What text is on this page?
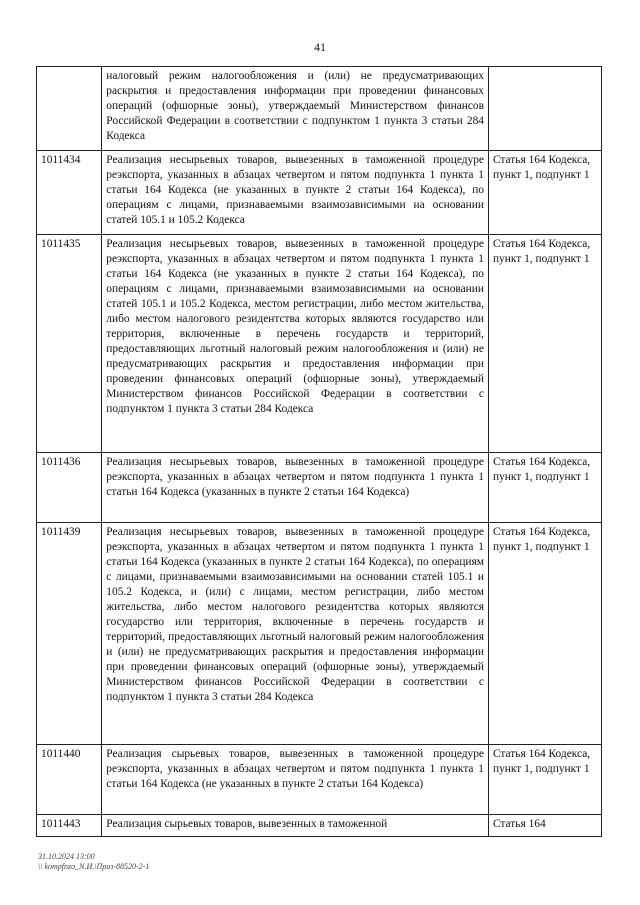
41
	налоговый режим налогообложения и (или) не предусматривающих раскрытия и предоставления информации при проведении финансовых операций (офшорные зоны), утверждаемый Министерством финансов Российской Федерации в соответствии с подпунктом 1 пункта 3 статьи 284 Кодекса	
1011434	Реализация несырьевых товаров, вывезенных в таможенной процедуре реэкспорта, указанных в абзацах четвертом и пятом подпункта 1 пункта 1 статьи 164 Кодекса (не указанных в пункте 2 статьи 164 Кодекса), по операциям с лицами, признаваемыми взаимозависимыми на основании статей 105.1 и 105.2 Кодекса	Статья 164 Кодекса, пункт 1, подпункт 1
1011435	Реализация несырьевых товаров, вывезенных в таможенной процедуре реэкспорта, указанных в абзацах четвертом и пятом подпункта 1 пункта 1 статьи 164 Кодекса (не указанных в пункте 2 статьи 164 Кодекса), по операциям с лицами, признаваемыми взаимозависимыми на основании статей 105.1 и 105.2 Кодекса, местом регистрации, либо местом жительства, либо местом налогового резидентства которых являются государство или территория, включенные в перечень государств и территорий, предоставляющих льготный налоговый режим налогообложения и (или) не предусматривающих раскрытия и предоставления информации при проведении финансовых операций (офшорные зоны), утверждаемый Министерством финансов Российской Федерации в соответствии с подпунктом 1 пункта 3 статьи 284 Кодекса	Статья 164 Кодекса, пункт 1, подпункт 1
1011436	Реализация несырьевых товаров, вывезенных в таможенной процедуре реэкспорта, указанных в абзацах четвертом и пятом подпункта 1 пункта 1 статьи 164 Кодекса (указанных в пункте 2 статьи 164 Кодекса)	Статья 164 Кодекса, пункт 1, подпункт 1
1011439	Реализация несырьевых товаров, вывезенных в таможенной процедуре реэкспорта, указанных в абзацах четвертом и пятом подпункта 1 пункта 1 статьи 164 Кодекса (указанных в пункте 2 статьи 164 Кодекса), по операциям с лицами, признаваемыми взаимозависимыми на основании статей 105.1 и 105.2 Кодекса, и (или) с лицами, местом регистрации, либо местом жительства, либо местом налогового резидентства которых являются государство или территория, включенные в перечень государств и территорий, предоставляющих льготный налоговый режим налогообложения и (или) не предусматривающих раскрытия и предоставления информации при проведении финансовых операций (офшорные зоны), утверждаемый Министерством финансов Российской Федерации в соответствии с подпунктом 1 пункта 3 статьи 284 Кодекса	Статья 164 Кодекса, пункт 1, подпункт 1
1011440	Реализация сырьевых товаров, вывезенных в таможенной процедуре реэкспорта, указанных в абзацах четвертом и пятом подпункта 1 пункта 1 статьи 164 Кодекса (не указанных в пункте 2 статьи 164 Кодекса)	Статья 164 Кодекса, пункт 1, подпункт 1
1011443	Реализация сырьевых товаров, вывезенных в таможенной	Статья 164
31.10.2024 13:00
\\ kompfnzo_N.И.\Приз-88520-2-1
